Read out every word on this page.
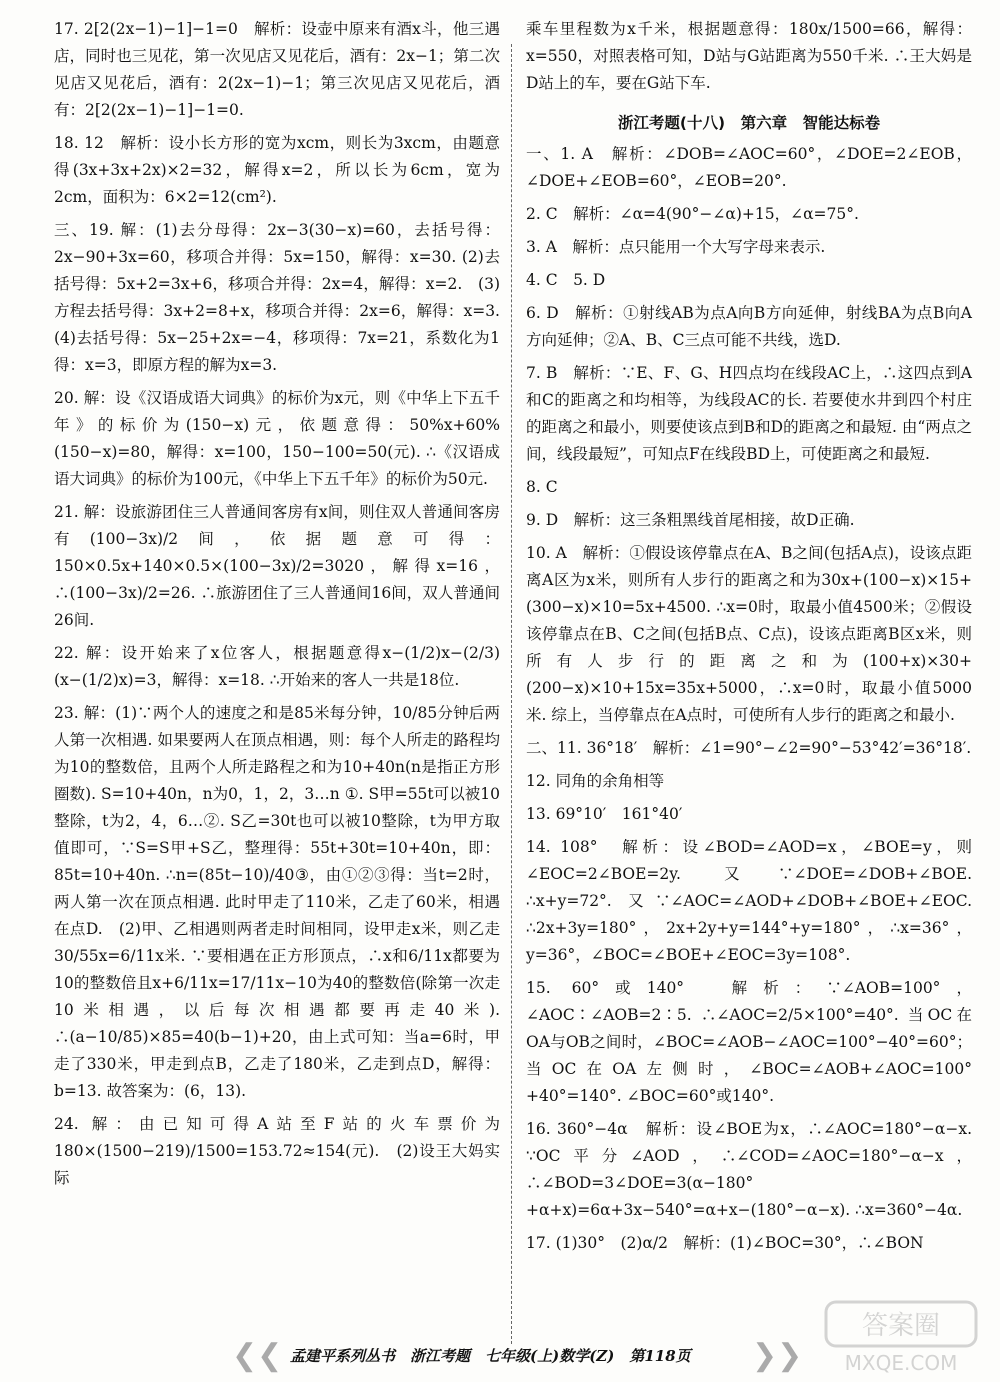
17. 2[2(2x−1)−1]−1=0　解析：设壶中原来有酒x斗，他三遇店，同时也三见花，第一次见店又见花后，酒有：2x−1；第二次见店又见花后，酒有：2(2x−1)−1；第三次见店又见花后，酒有：2[2(2x−1)−1]−1=0.

18. 12　解析：设小长方形的宽为xcm，则长为3xcm，由题意得(3x+3x+2x)×2=32，解得x=2，所以长为6cm，宽为2cm，面积为：6×2=12(cm²).

三、19. 解：(1)去分母得：2x−3(30−x)=60，去括号得：2x−90+3x=60，移项合并得：5x=150，解得：x=30. (2)去括号得：5x+2=3x+6，移项合并得：2x=4，解得：x=2.　(3)方程去括号得：3x+2=8+x，移项合并得：2x=6，解得：x=3.　(4)去括号得：5x−25+2x=−4，移项得：7x=21，系数化为1得：x=3，即原方程的解为x=3.

20. 解：设《汉语成语大词典》的标价为x元，则《中华上下五千年》的标价为(150−x)元，依题意得：50%x+60%(150−x)=80，解得：x=100，150−100=50(元). ∴《汉语成语大词典》的标价为100元，《中华上下五千年》的标价为50元.

21. 解：设旅游团住三人普通间客房有x间，则住双人普通间客房有(100−3x)/2间，依据题意可得：150×0.5x+140×0.5×(100−3x)/2=3020，解得x=16，∴(100−3x)/2=26. ∴旅游团住了三人普通间16间，双人普通间26间.

22. 解：设开始来了x位客人，根据题意得x−(1/2)x−(2/3)(x−(1/2)x)=3，解得：x=18. ∴开始来的客人一共是18位.

23. 解：(1)∵两个人的速度之和是85米每分钟，10/85分钟后两人第一次相遇. 如果要两人在顶点相遇，则：每个人所走的路程均为10的整数倍，且两个人所走路程之和为10+40n(n是指正方形圈数). S=10+40n，n为0，1，2，3…n ①. S甲=55t可以被10整除，t为2，4，6…②. S乙=30t也可以被10整除，t为甲方取值即可，∵S=S甲+S乙，整理得：55t+30t=10+40n，即：85t=10+40n. ∴n=(85t−10)/40③，由①②③得：当t=2时，两人第一次在顶点相遇. 此时甲走了110米，乙走了60米，相遇在点D.　(2)甲、乙相遇则两者走时间相同，设甲走x米，则乙走30/55x=6/11x米. ∵要相遇在正方形顶点，∴x和6/11x都要为10的整数倍且x+6/11x=17/11x−10为40的整数倍(除第一次走10米相遇，以后每次相遇都要再走40米). ∴(a−10/85)×85=40(b−1)+20，由上式可知：当a=6时，甲走了330米，甲走到点B，乙走了180米，乙走到点D，解得：b=13. 故答案为：(6，13).

24. 解：由已知可得A站至F站的火车票价为180×(1500−219)/1500=153.72≈154(元).　(2)设王大妈实际

乘车里程数为x千米，根据题意得：180x/1500=66，解得：x=550，对照表格可知，D站与G站距离为550千米. ∴王大妈是D站上的车，要在G站下车.

浙江考题(十八)　第六章　智能达标卷

一、1. A　解析：∠DOB=∠AOC=60°，∠DOE=2∠EOB，∠DOE+∠EOB=60°，∠EOB=20°.

2. C　解析：∠α=4(90°−∠α)+15，∠α=75°.

3. A　解析：点只能用一个大写字母来表示.

4. C　5. D

6. D　解析：①射线AB为点A向B方向延伸，射线BA为点B向A方向延伸；②A、B、C三点可能不共线，选D.

7. B　解析：∵E、F、G、H四点均在线段AC上，∴这四点到A和C的距离之和均相等，为线段AC的长. 若要使水井到四个村庄的距离之和最小，则要使该点到B和D的距离之和最短. 由“两点之间，线段最短”，可知点F在线段BD上，可使距离之和最短.

8. C

9. D　解析：这三条粗黑线首尾相接，故D正确.

10. A　解析：①假设该停靠点在A、B之间(包括A点)，设该点距离A区为x米，则所有人步行的距离之和为30x+(100−x)×15+(300−x)×10=5x+4500. ∴x=0时，取最小值4500米；②假设该停靠点在B、C之间(包括B点、C点)，设该点距离B区x米，则所有人步行的距离之和为(100+x)×30+(200−x)×10+15x=35x+5000，∴x=0时，取最小值5000米. 综上，当停靠点在A点时，可使所有人步行的距离之和最小.

二、11. 36°18′　解析：∠1=90°−∠2=90°−53°42′=36°18′.

12. 同角的余角相等

13. 69°10′　161°40′

14. 108°　解析：设∠BOD=∠AOD=x，∠BOE=y，则∠EOC=2∠BOE=2y. 又∵∠DOE=∠DOB+∠BOE. ∴x+y=72°. 又∵∠AOC=∠AOD+∠DOB+∠BOE+∠EOC. ∴2x+3y=180°，2x+2y+y=144°+y=180°，∴x=36°，y=36°，∠BOC=∠BOE+∠EOC=3y=108°.

15. 60°或140°　解析：∵∠AOB=100°，∠AOC∶∠AOB=2∶5. ∴∠AOC=2/5×100°=40°. 当OC在OA与OB之间时，∠BOC=∠AOB−∠AOC=100°−40°=60°；当OC在OA左侧时，∠BOC=∠AOB+∠AOC=100°+40°=140°. ∠BOC=60°或140°.

16. 360°−4α　解析：设∠BOE为x，∴∠AOC=180°−α−x. ∵OC平分∠AOD，∴∠COD=∠AOC=180°−α−x，∴∠BOD=3∠DOE=3(α−180°+α+x)=6α+3x−540°=α+x−(180°−α−x). ∴x=360°−4α.

17. (1)30°　(2)α/2　解析：(1)∠BOC=30°，∴∠BON

❮❮ 孟建平系列丛书　浙江考题　七年级(上)数学(Z)　第118页 ❯❯
答案圈
MXQE.COM
